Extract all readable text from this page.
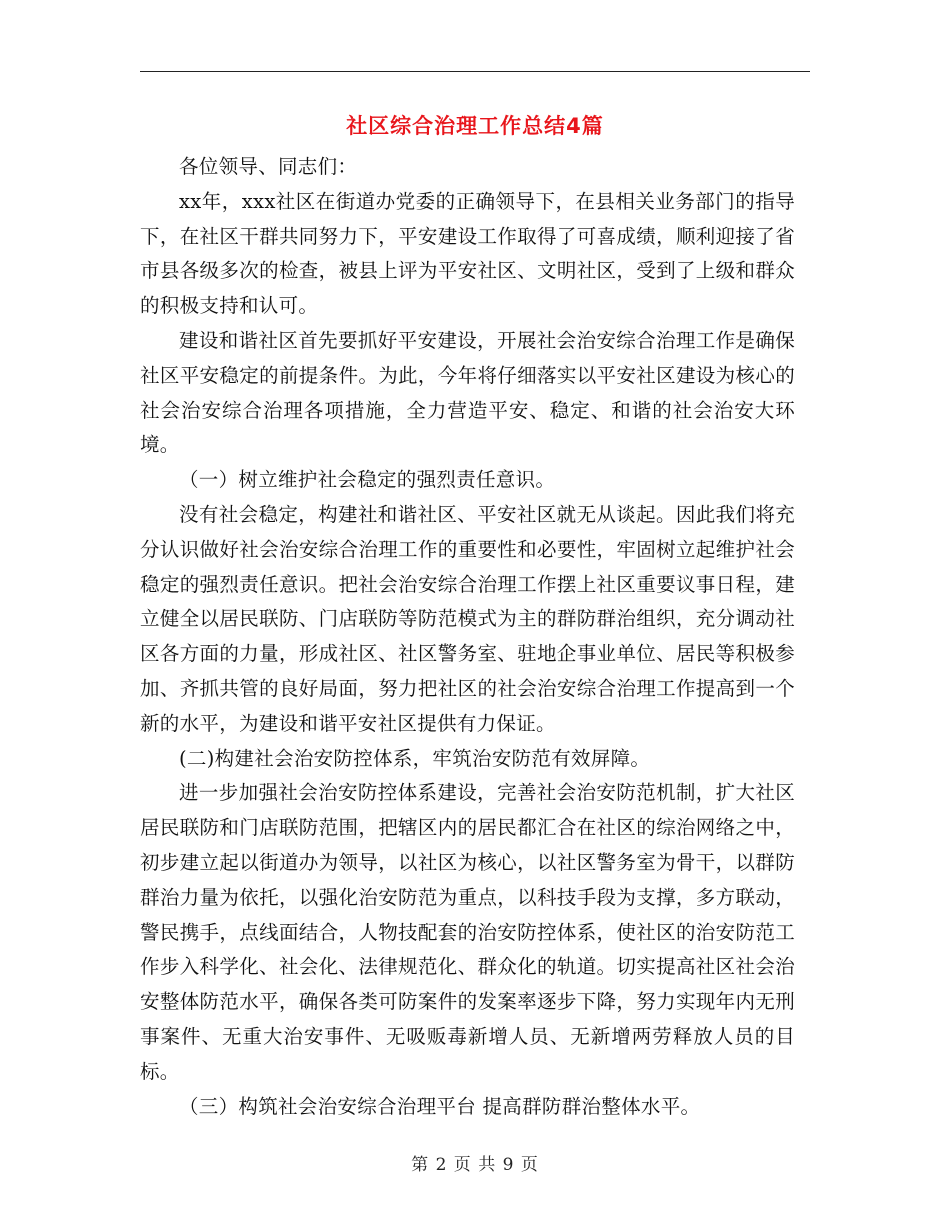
社区综合治理工作总结4篇

各位领导、同志们：

xx年，xxx社区在街道办党委的正确领导下，在县相关业务部门的指导下，在社区干群共同努力下，平安建设工作取得了可喜成绩，顺利迎接了省市县各级多次的检查，被县上评为平安社区、文明社区，受到了上级和群众的积极支持和认可。

建设和谐社区首先要抓好平安建设，开展社会治安综合治理工作是确保社区平安稳定的前提条件。为此，今年将仔细落实以平安社区建设为核心的社会治安综合治理各项措施，全力营造平安、稳定、和谐的社会治安大环境。

（一）树立维护社会稳定的强烈责任意识。

没有社会稳定，构建社和谐社区、平安社区就无从谈起。因此我们将充分认识做好社会治安综合治理工作的重要性和必要性，牢固树立起维护社会稳定的强烈责任意识。把社会治安综合治理工作摆上社区重要议事日程，建立健全以居民联防、门店联防等防范模式为主的群防群治组织，充分调动社区各方面的力量，形成社区、社区警务室、驻地企事业单位、居民等积极参加、齐抓共管的良好局面，努力把社区的社会治安综合治理工作提高到一个新的水平，为建设和谐平安社区提供有力保证。

(二)构建社会治安防控体系，牢筑治安防范有效屏障。

进一步加强社会治安防控体系建设，完善社会治安防范机制，扩大社区居民联防和门店联防范围，把辖区内的居民都汇合在社区的综治网络之中，初步建立起以街道办为领导，以社区为核心，以社区警务室为骨干，以群防群治力量为依托，以强化治安防范为重点，以科技手段为支撑，多方联动，警民携手，点线面结合，人物技配套的治安防控体系，使社区的治安防范工作步入科学化、社会化、法律规范化、群众化的轨道。切实提高社区社会治安整体防范水平，确保各类可防案件的发案率逐步下降，努力实现年内无刑事案件、无重大治安事件、无吸贩毒新增人员、无新增两劳释放人员的目标。

（三）构筑社会治安综合治理平台 提高群防群治整体水平。

第 2 页 共 9 页
